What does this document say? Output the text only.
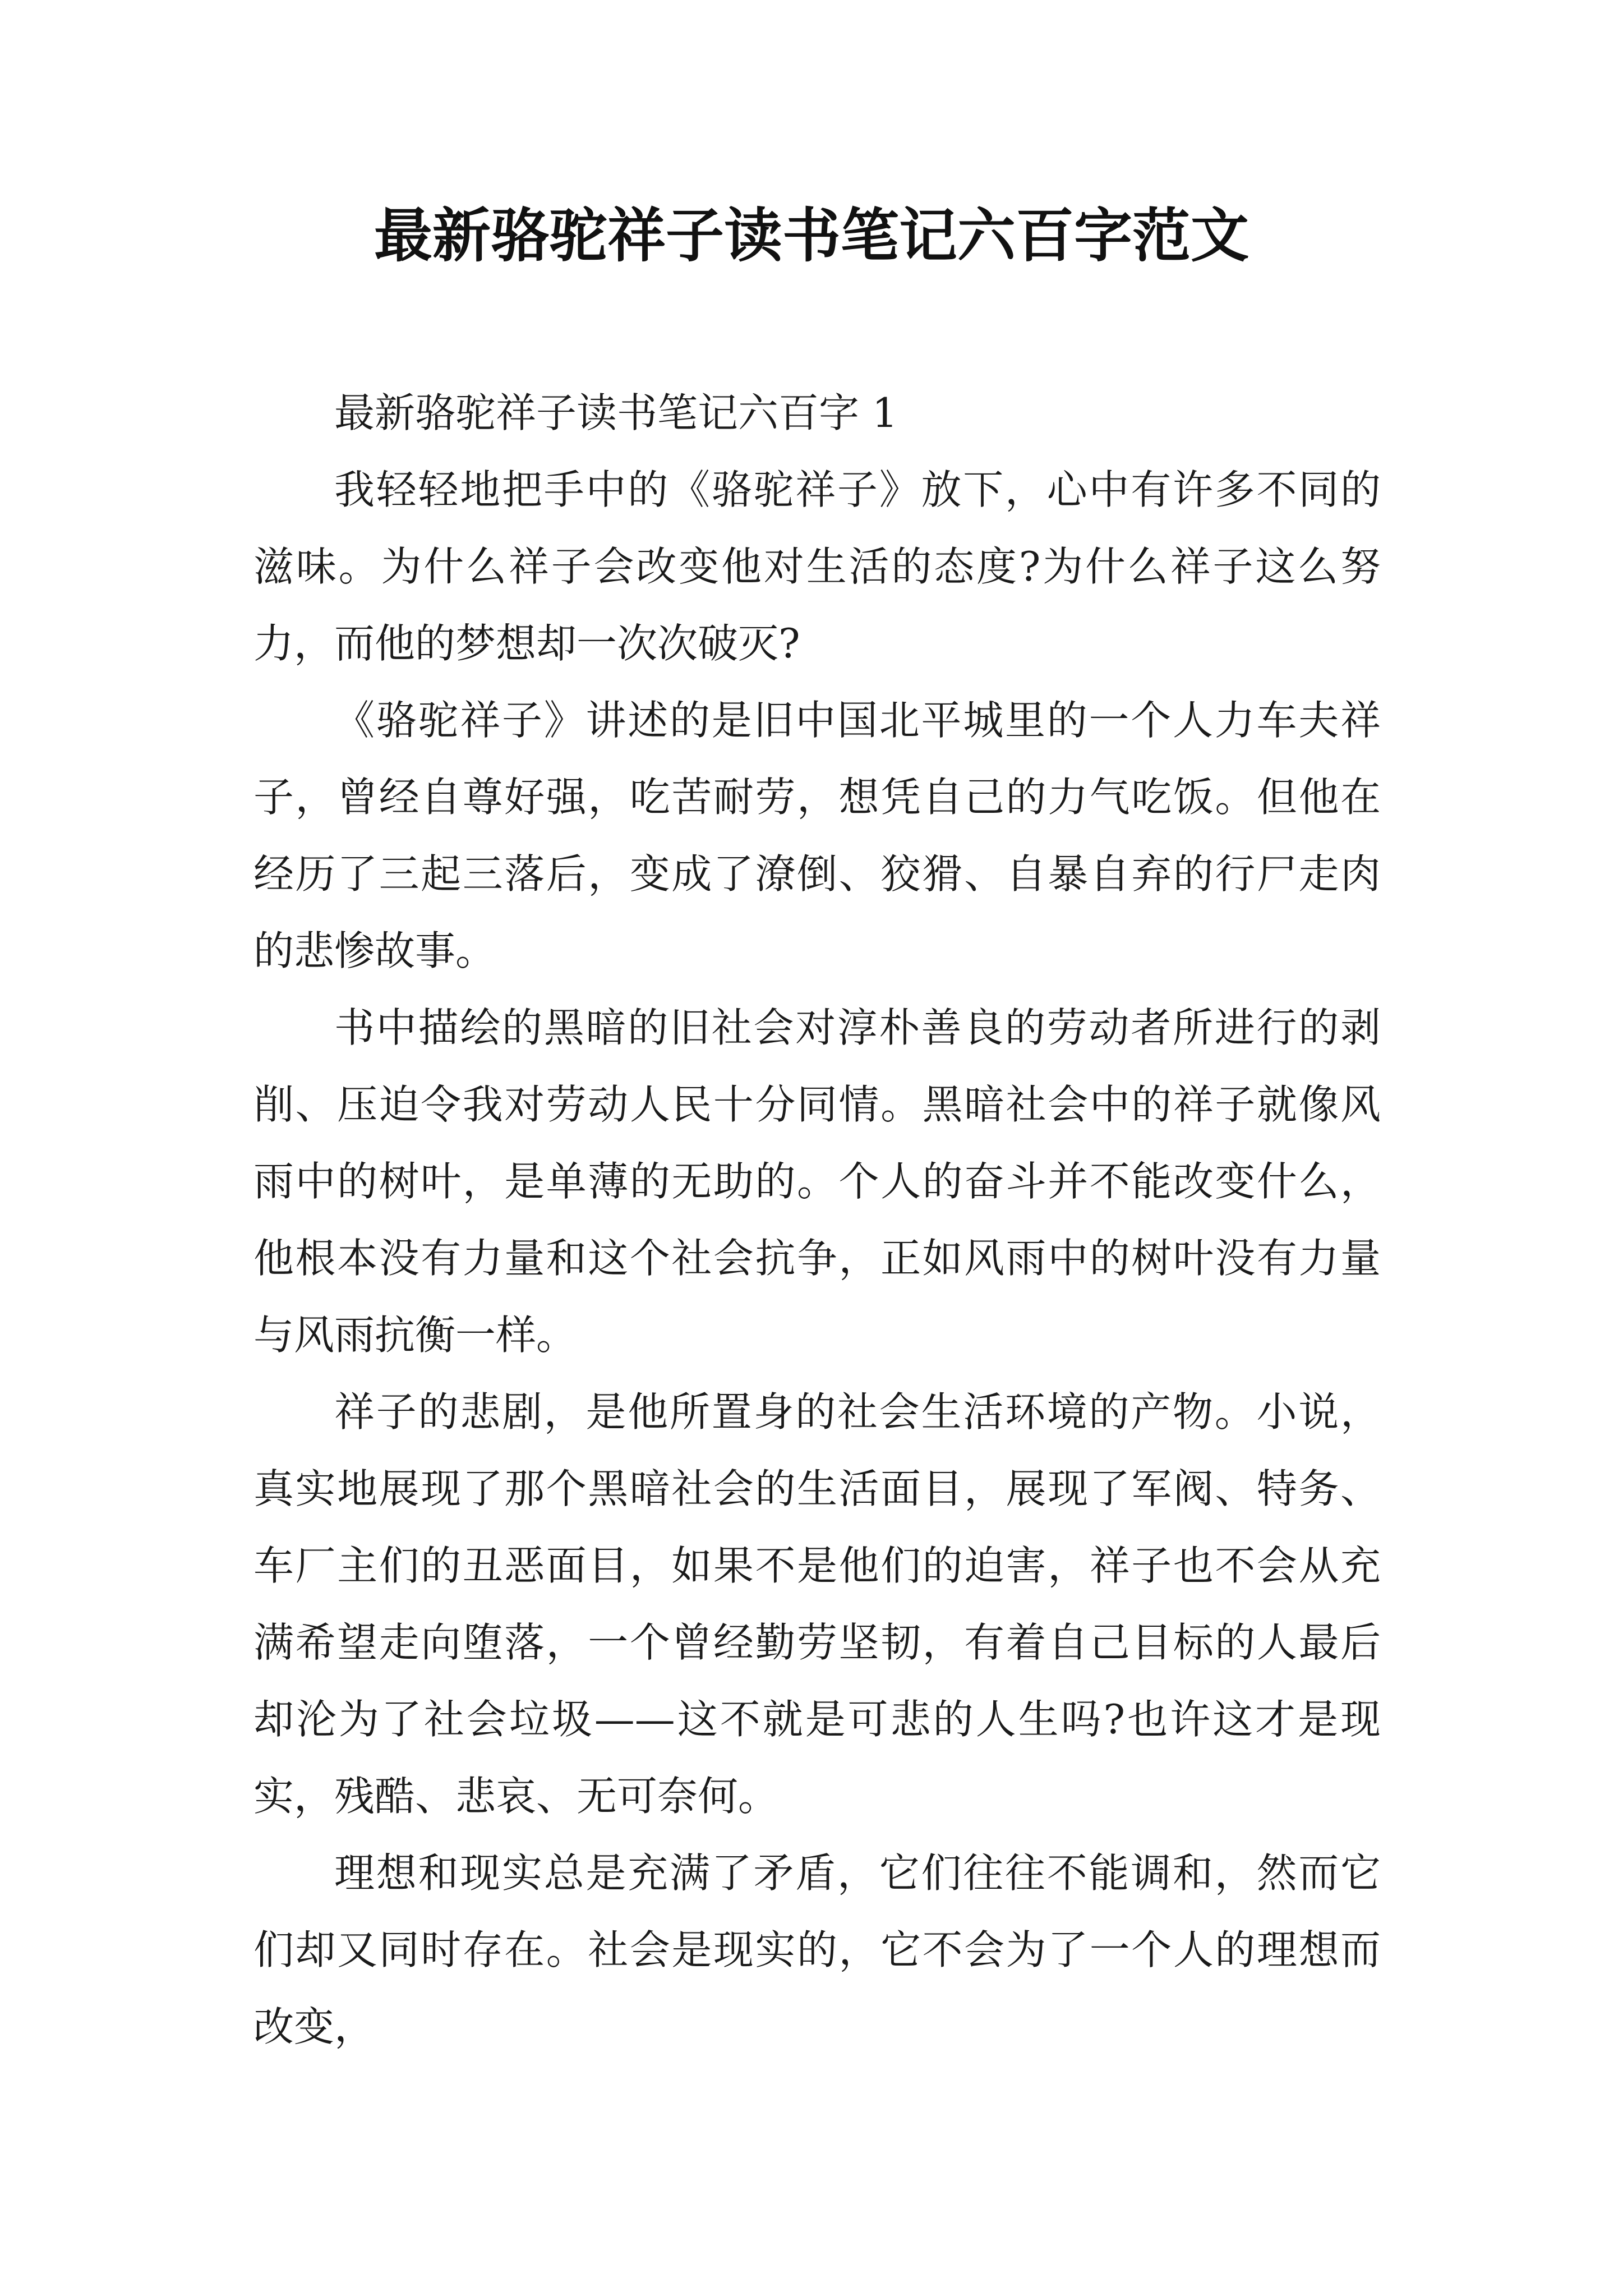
最新骆驼祥子读书笔记六百字范文

最新骆驼祥子读书笔记六百字 1

我轻轻地把手中的《骆驼祥子》放下，心中有许多不同的滋味。为什么祥子会改变他对生活的态度?为什么祥子这么努力，而他的梦想却一次次破灭?

《骆驼祥子》讲述的是旧中国北平城里的一个人力车夫祥子，曾经自尊好强，吃苦耐劳，想凭自己的力气吃饭。但他在经历了三起三落后，变成了潦倒、狡猾、自暴自弃的行尸走肉的悲惨故事。

书中描绘的黑暗的旧社会对淳朴善良的劳动者所进行的剥削、压迫令我对劳动人民十分同情。黑暗社会中的祥子就像风雨中的树叶，是单薄的无助的。个人的奋斗并不能改变什么，他根本没有力量和这个社会抗争，正如风雨中的树叶没有力量与风雨抗衡一样。

祥子的悲剧，是他所置身的社会生活环境的产物。小说，真实地展现了那个黑暗社会的生活面目，展现了军阀、特务、车厂主们的丑恶面目，如果不是他们的迫害，祥子也不会从充满希望走向堕落，一个曾经勤劳坚韧，有着自己目标的人最后却沦为了社会垃圾——这不就是可悲的人生吗?也许这才是现实，残酷、悲哀、无可奈何。

理想和现实总是充满了矛盾，它们往往不能调和，然而它们却又同时存在。社会是现实的，它不会为了一个人的理想而改变，
